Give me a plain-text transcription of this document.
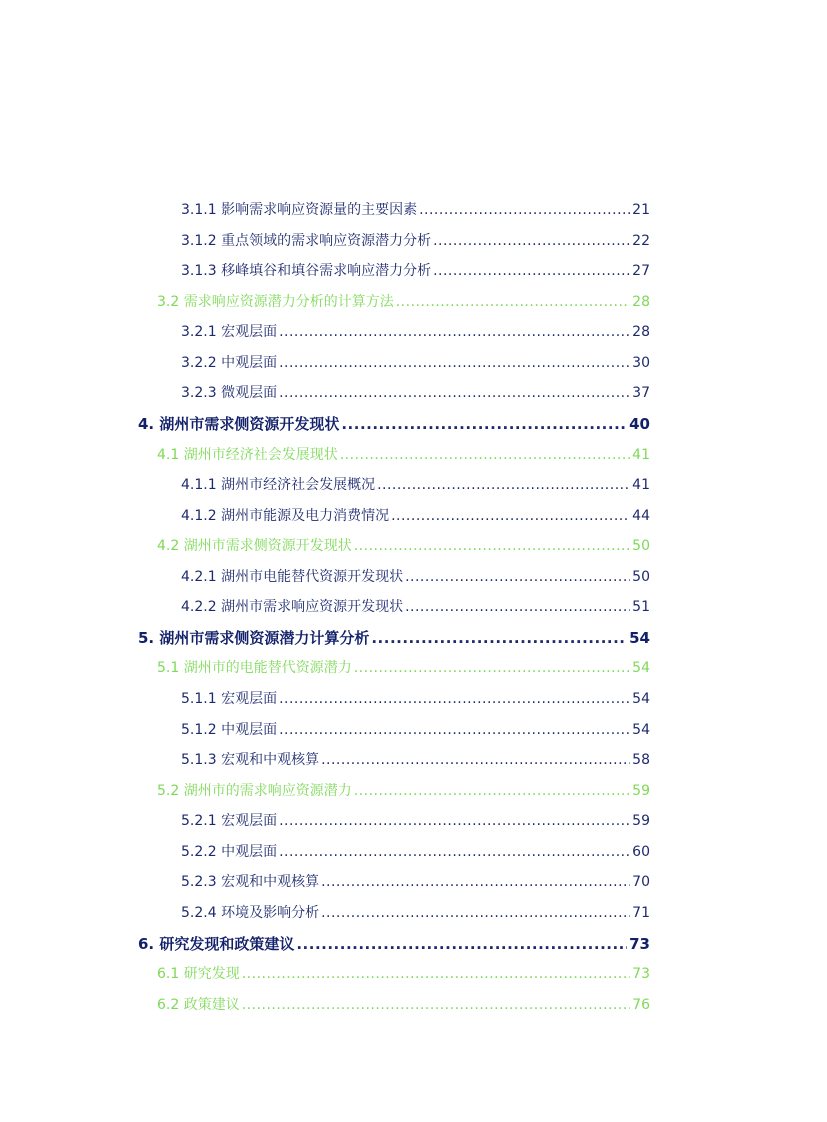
3.1.1 影响需求响应资源量的主要因素 .....	21
3.1.2 重点领域的需求响应资源潜力分析 .....	22
3.1.3 移峰填谷和填谷需求响应潜力分析 .....	27
3.2 需求响应资源潜力分析的计算方法 .....	28
3.2.1 宏观层面 .....	28
3.2.2 中观层面 .....	30
3.2.3 微观层面 .....	37
4. 湖州市需求侧资源开发现状 .....	40
4.1 湖州市经济社会发展现状 .....	41
4.1.1 湖州市经济社会发展概况 .....	41
4.1.2 湖州市能源及电力消费情况 .....	44
4.2 湖州市需求侧资源开发现状 .....	50
4.2.1 湖州市电能替代资源开发现状 .....	50
4.2.2 湖州市需求响应资源开发现状 .....	51
5. 湖州市需求侧资源潜力计算分析 .....	54
5.1 湖州市的电能替代资源潜力 .....	54
5.1.1 宏观层面 .....	54
5.1.2 中观层面 .....	54
5.1.3 宏观和中观核算 .....	58
5.2 湖州市的需求响应资源潜力 .....	59
5.2.1 宏观层面 .....	59
5.2.2 中观层面 .....	60
5.2.3 宏观和中观核算 .....	70
5.2.4 环境及影响分析 .....	71
6. 研究发现和政策建议 .....	73
6.1 研究发现 .....	73
6.2 政策建议 .....	76
